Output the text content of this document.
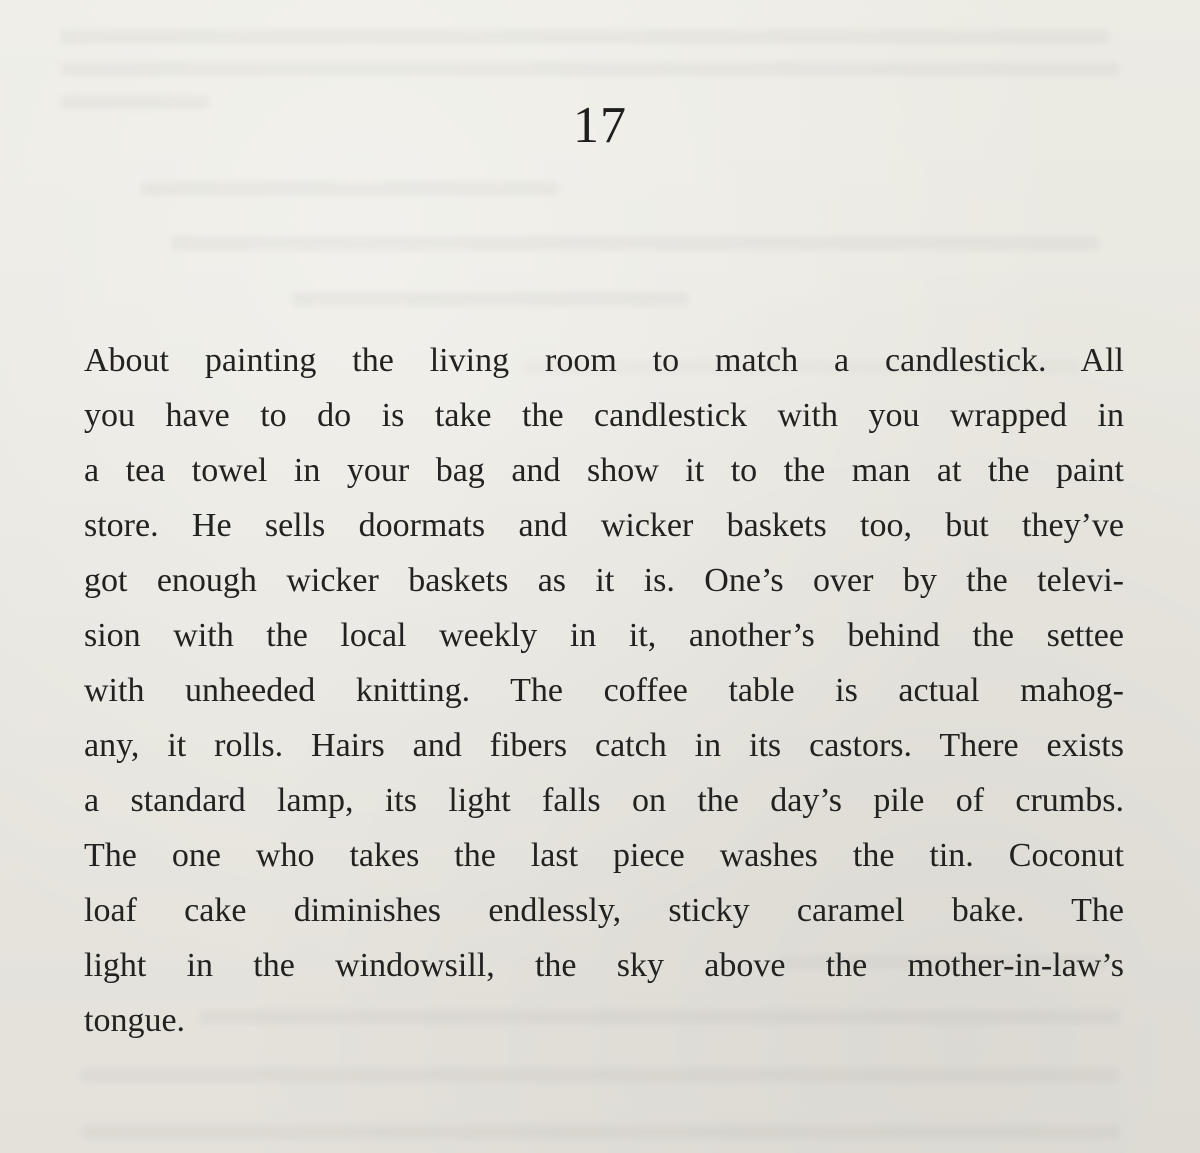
17
About painting the living room to match a candlestick. All
you have to do is take the candlestick with you wrapped in
a tea towel in your bag and show it to the man at the paint
store. He sells doormats and wicker baskets too, but they’ve
got enough wicker baskets as it is. One’s over by the televi-
sion with the local weekly in it, another’s behind the settee
with unheeded knitting. The coffee table is actual mahog-
any, it rolls. Hairs and fibers catch in its castors. There exists
a standard lamp, its light falls on the day’s pile of crumbs.
The one who takes the last piece washes the tin. Coconut
loaf cake diminishes endlessly, sticky caramel bake. The
light in the windowsill, the sky above the mother-in-law’s
tongue.
